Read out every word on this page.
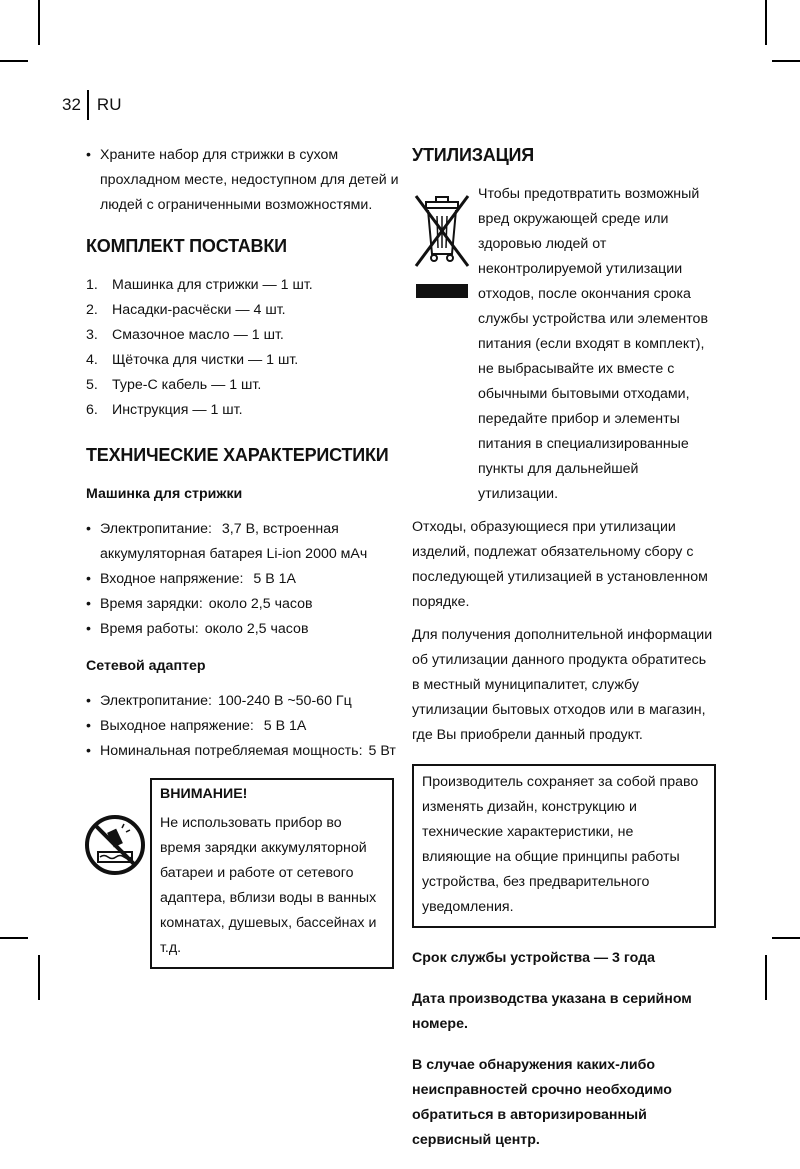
32 RU
• Храните набор для стрижки в сухом прохладном месте, недоступном для детей и людей с ограниченными возможностями.
КОМПЛЕКТ ПОСТАВКИ
1. Машинка для стрижки — 1 шт.
2. Насадки-расчёски — 4 шт.
3. Смазочное масло — 1 шт.
4. Щёточка для чистки — 1 шт.
5. Type-C кабель — 1 шт.
6. Инструкция — 1 шт.
ТЕХНИЧЕСКИЕ ХАРАКТЕРИСТИКИ
Машинка для стрижки
• Электропитание: 3,7 В, встроенная аккумуляторная батарея Li-ion 2000 мАч
• Входное напряжение: 5 В 1А
• Время зарядки: около 2,5 часов
• Время работы: около 2,5 часов
Сетевой адаптер
• Электропитание: 100-240 В ~50-60 Гц
• Выходное напряжение: 5 В 1А
• Номинальная потребляемая мощность: 5 Вт
ВНИМАНИЕ!
Не использовать прибор во время зарядки аккумуляторной батареи и работе от сетевого адаптера, вблизи воды в ванных комнатах, душевых, бассейнах и т.д.
УТИЛИЗАЦИЯ
Чтобы предотвратить возможный вред окружающей среде или здоровью людей от неконтролируемой утилизации отходов, после окончания срока службы устройства или элементов питания (если входят в комплект), не выбрасывайте их вместе с обычными бытовыми отходами, передайте прибор и элементы питания в специализированные пункты для дальнейшей утилизации.

Отходы, образующиеся при утилизации изделий, подлежат обязательному сбору с последующей утилизацией в установленном порядке.

Для получения дополнительной информации об утилизации данного продукта обратитесь в местный муниципалитет, службу утилизации бытовых отходов или в магазин, где Вы приобрели данный продукт.

Производитель сохраняет за собой право изменять дизайн, конструкцию и технические характеристики, не влияющие на общие принципы работы устройства, без предварительного уведомления.
Срок службы устройства — 3 года
Дата производства указана в серийном номере.
В случае обнаружения каких-либо неисправностей срочно необходимо обратиться в авторизированный сервисный центр.
